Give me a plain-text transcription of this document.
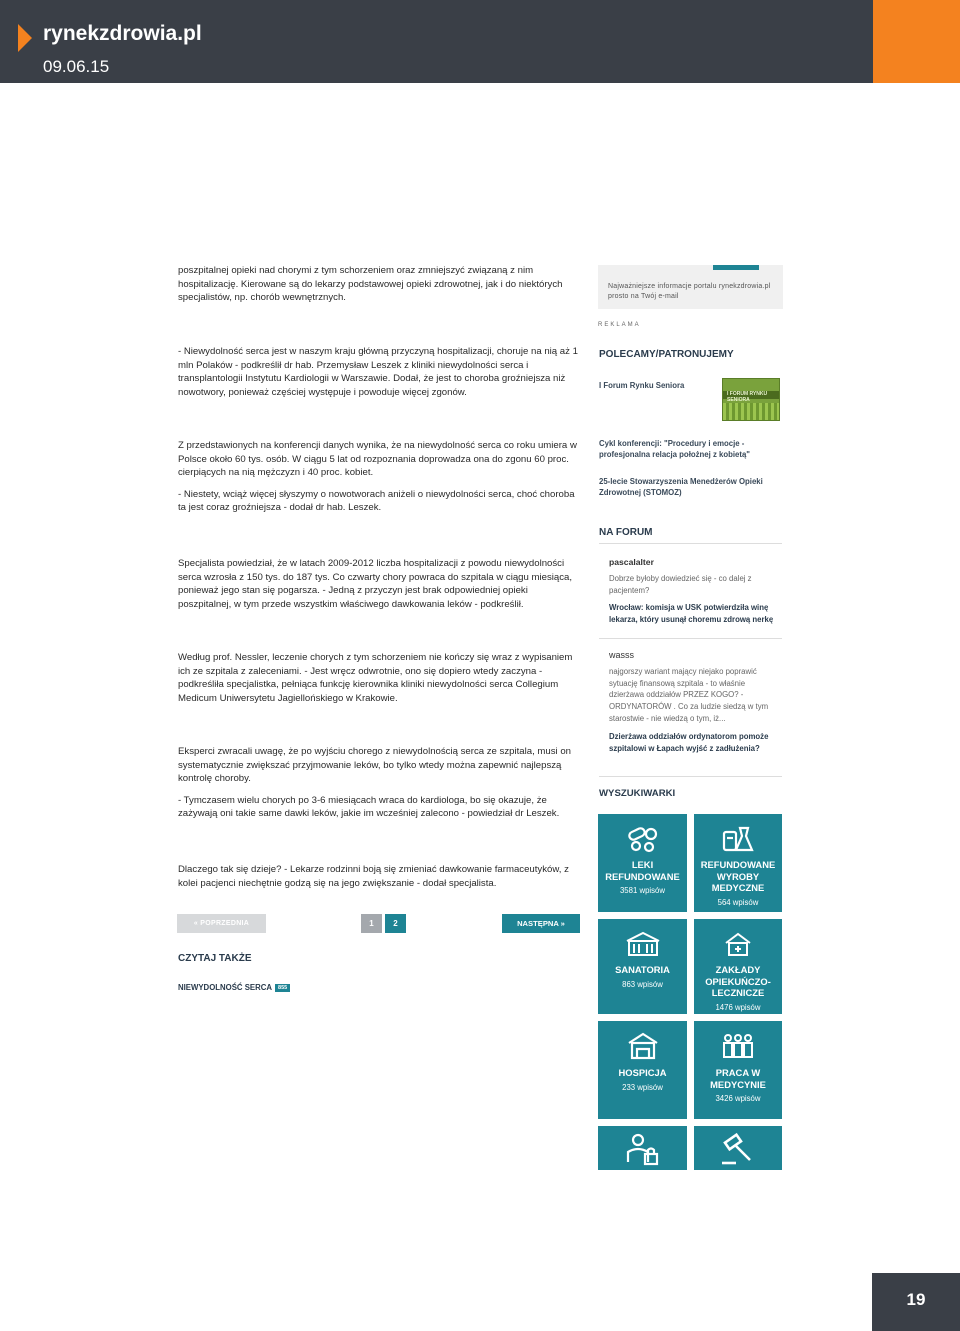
rynekzdrowia.pl
09.06.15

poszpitalnej opieki nad chorymi z tym schorzeniem oraz zmniejszyć związaną z nim hospitalizację. Kierowane są do lekarzy podstawowej opieki zdrowotnej, jak i do niektórych specjalistów, np. chorób wewnętrznych.

- Niewydolność serca jest w naszym kraju główną przyczyną hospitalizacji, choruje na nią aż 1 mln Polaków - podkreślił dr hab. Przemysław Leszek z kliniki niewydolności serca i transplantologii Instytutu Kardiologii w Warszawie. Dodał, że jest to choroba groźniejsza niż nowotwory, ponieważ częściej występuje i powoduje więcej zgonów.

Z przedstawionych na konferencji danych wynika, że na niewydolność serca co roku umiera w Polsce około 60 tys. osób. W ciągu 5 lat od rozpoznania doprowadza ona do zgonu 60 proc. cierpiących na nią mężczyzn i 40 proc. kobiet.

- Niestety, wciąż więcej słyszymy o nowotworach aniżeli o niewydolności serca, choć choroba ta jest coraz groźniejsza - dodał dr hab. Leszek.

Specjalista powiedział, że w latach 2009-2012 liczba hospitalizacji z powodu niewydolności serca wzrosła z 150 tys. do 187 tys. Co czwarty chory powraca do szpitala w ciągu miesiąca, ponieważ jego stan się pogarsza. - Jedną z przyczyn jest brak odpowiedniej opieki poszpitalnej, w tym przede wszystkim właściwego dawkowania leków - podkreślił.

Według prof. Nessler, leczenie chorych z tym schorzeniem nie kończy się wraz z wypisaniem ich ze szpitala z zaleceniami. - Jest wręcz odwrotnie, ono się dopiero wtedy zaczyna - podkreśliła specjalistka, pełniąca funkcję kierownika kliniki niewydolności serca Collegium Medicum Uniwersytetu Jagiellońskiego w Krakowie.

Eksperci zwracali uwagę, że po wyjściu chorego z niewydolnością serca ze szpitala, musi on systematycznie zwiększać przyjmowanie leków, bo tylko wtedy można zapewnić najlepszą kontrolę choroby.

- Tymczasem wielu chorych po 3-6 miesiącach wraca do kardiologa, bo się okazuje, że zażywają oni takie same dawki leków, jakie im wcześniej zalecono - powiedział dr Leszek.

Dlaczego tak się dzieje? - Lekarze rodzinni boją się zmieniać dawkowanie farmaceutyków, z kolei pacjenci niechętnie godzą się na jego zwiększanie - dodał specjalista.

« POPRZEDNIA	1	2	NASTĘPNA »
CZYTAJ TAKŻE
NIEWYDOLNOŚĆ SERCA 855
Najważniejsze informacje portalu rynekzdrowia.pl prosto na Twój e-mail
REKLAMA
POLECAMY/PATRONUJEMY
I Forum Rynku Seniora
I FORUM RYNKU SENIORA
Cykl konferencji: "Procedury i emocje - profesjonalna relacja położnej z kobietą"
25-lecie Stowarzyszenia Menedżerów Opieki Zdrowotnej (STOMOZ)
NA FORUM
pascalalter
Dobrze byłoby dowiedzieć się - co dalej z pacjentem?
Wrocław: komisja w USK potwierdziła winę lekarza, który usunął choremu zdrową nerkę
wasss
najgorszy wariant mający niejako poprawić sytuację finansową szpitala - to właśnie dzierżawa oddziałów PRZEZ KOGO? - ORDYNATORÓW . Co za ludzie siedzą w tym starostwie - nie wiedzą o tym, iż...
Dzierżawa oddziałów ordynatorom pomoże szpitalowi w Łapach wyjść z zadłużenia?
WYSZUKIWARKI
LEKI REFUNDOWANE
3581 wpisów
REFUNDOWANE WYROBY MEDYCZNE
564 wpisów
SANATORIA
863 wpisów
ZAKŁADY OPIEKUŃCZO-LECZNICZE
1476 wpisów
HOSPICJA
233 wpisów
PRACA W MEDYCYNIE
3426 wpisów
19
